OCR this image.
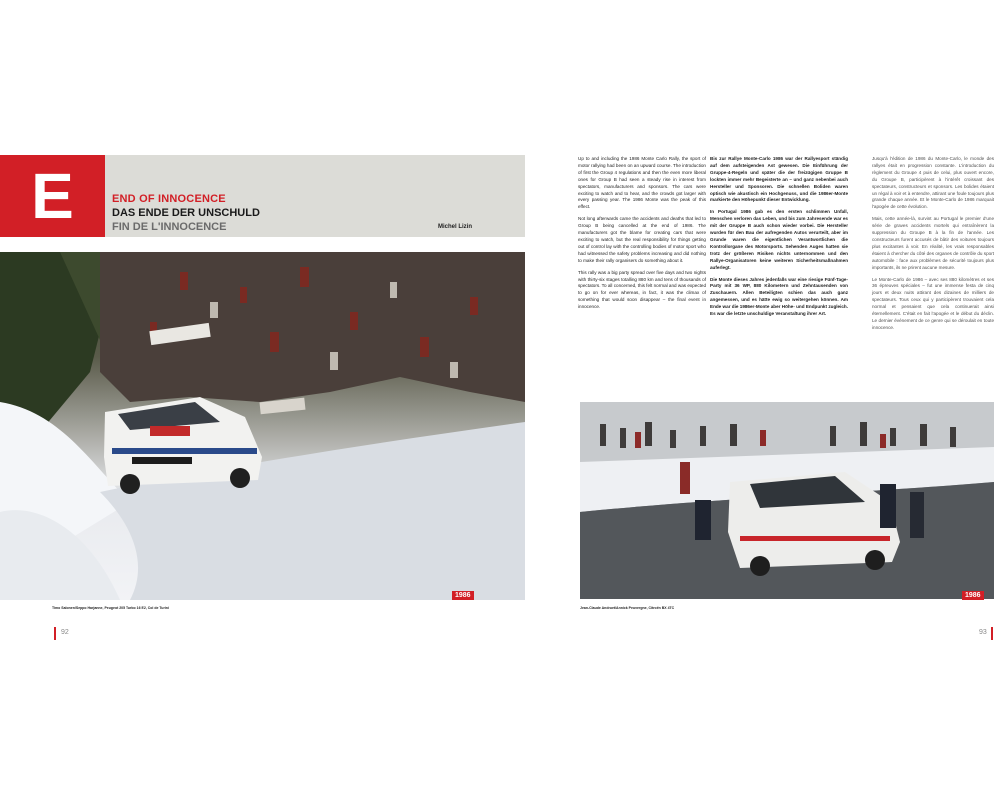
E	END OF INNOCENCE
DAS ENDE DER UNSCHULD
FIN DE L'INNOCENCE	Michel Lizin
1986
Timo Salonen/Seppo Harjanne, Peugeot 205 Turbo 16 E2, Col de Turini

Up to and including the 1986 Monte Carlo Rally, the sport of motor rallying had been on an upward course. The introduction of first the Group 4 regulations and then the even more liberal ones for Group B had seen a steady rise in interest from spectators, manufacturers and sponsors. The cars were exciting to watch and to hear, and the crowds got larger with every passing year. The 1986 Monte was the peak of this effect.

Not long afterwards came the accidents and deaths that led to Group B being cancelled at the end of 1986. The manufacturers got the blame for creating cars that were exciting to watch, but the real responsibility for things getting out of control lay with the controlling bodies of motor sport who had witnessed the safety problems increasing and did nothing to make their rally organisers do something about it.

This rally was a big party spread over five days and two nights with thirty-six stages totalling 880 km and tens of thousands of spectators. To all concerned, this felt normal and was expected to go on for ever whereas, in fact, it was the climax of something that would soon disappear – the final event in innocence.

Bis zur Rallye Monte-Carlo 1986 war der Rallyesport ständig auf dem aufsteigenden Ast gewesen. Die Einführung der Gruppe-4-Regeln und später die der freizügigen Gruppe B lockten immer mehr Begeisterte an – und ganz nebenbei auch Hersteller und Sponsoren. Die schnellen Boliden waren optisch wie akustisch ein Hochgenuss, und die 1986er-Monte markierte den Höhepunkt dieser Entwicklung.

In Portugal 1986 gab es den ersten schlimmen Unfall, Menschen verloren das Leben, und bis zum Jahresende war es mit der Gruppe B auch schon wieder vorbei. Die Hersteller wurden für den Bau der aufregenden Autos verurteilt, aber im Grunde waren die eigentlichen Verantwortlichen die Kontrollorgane des Motorsports. Sehenden Auges hatten sie trotz der größeren Risiken nichts unternommen und den Rallye-Organisatoren keine weiteren Sicherheitsmaßnahmen auferlegt.

Die Monte dieses Jahres jedenfalls war eine riesige Fünf-Tage-Party mit 36 WP, 880 Kilometern und Zehntausenden von Zuschauern. Allen Beteiligten schien das auch ganz angemessen, und es hätte ewig so weitergehen können. Am Ende war die 1986er-Monte aber Höhe- und Endpunkt zugleich. Es war die letzte unschuldige Veranstaltung ihrer Art.

Jusqu'à l'édition de 1986 du Monte-Carlo, le monde des rallyes était en progression constante. L'introduction du règlement du Groupe 4 puis de celui, plus ouvert encore, du Groupe B, participèrent à l'intérêt croissant des spectateurs, constructeurs et sponsors. Les bolides étaient un régal à voir et à entendre, attirant une foule toujours plus grande chaque année. Et le Monte-Carlo de 1986 marquait l'apogée de cette évolution.

Mais, cette année-là, survint au Portugal le premier d'une série de graves accidents mortels qui entraînèrent la suppression du Groupe B à la fin de l'année. Les constructeurs furent accusés de bâtir des voitures toujours plus excitantes à voir. En réalité, les vrais responsables étaient à chercher du côté des organes de contrôle du sport automobile : face aux problèmes de sécurité toujours plus importants, ils ne prirent aucune mesure.

Le Monte-Carlo de 1986 – avec ses 880 kilomètres et ses 36 épreuves spéciales – fut une immense festa de cinq jours et deux nuits attirant des dizaines de milliers de spectateurs. Tous ceux qui y participèrent trouvaient cela normal et pensaient que cela continuerait ainsi éternellement. C'était en fait l'apogée et le début du déclin. Le dernier événement de ce genre qui se déroulait en toute innocence.

1986
Jean-Claude Andruet/Annick Peuvergne, Citroën BX 4TC
92	93
